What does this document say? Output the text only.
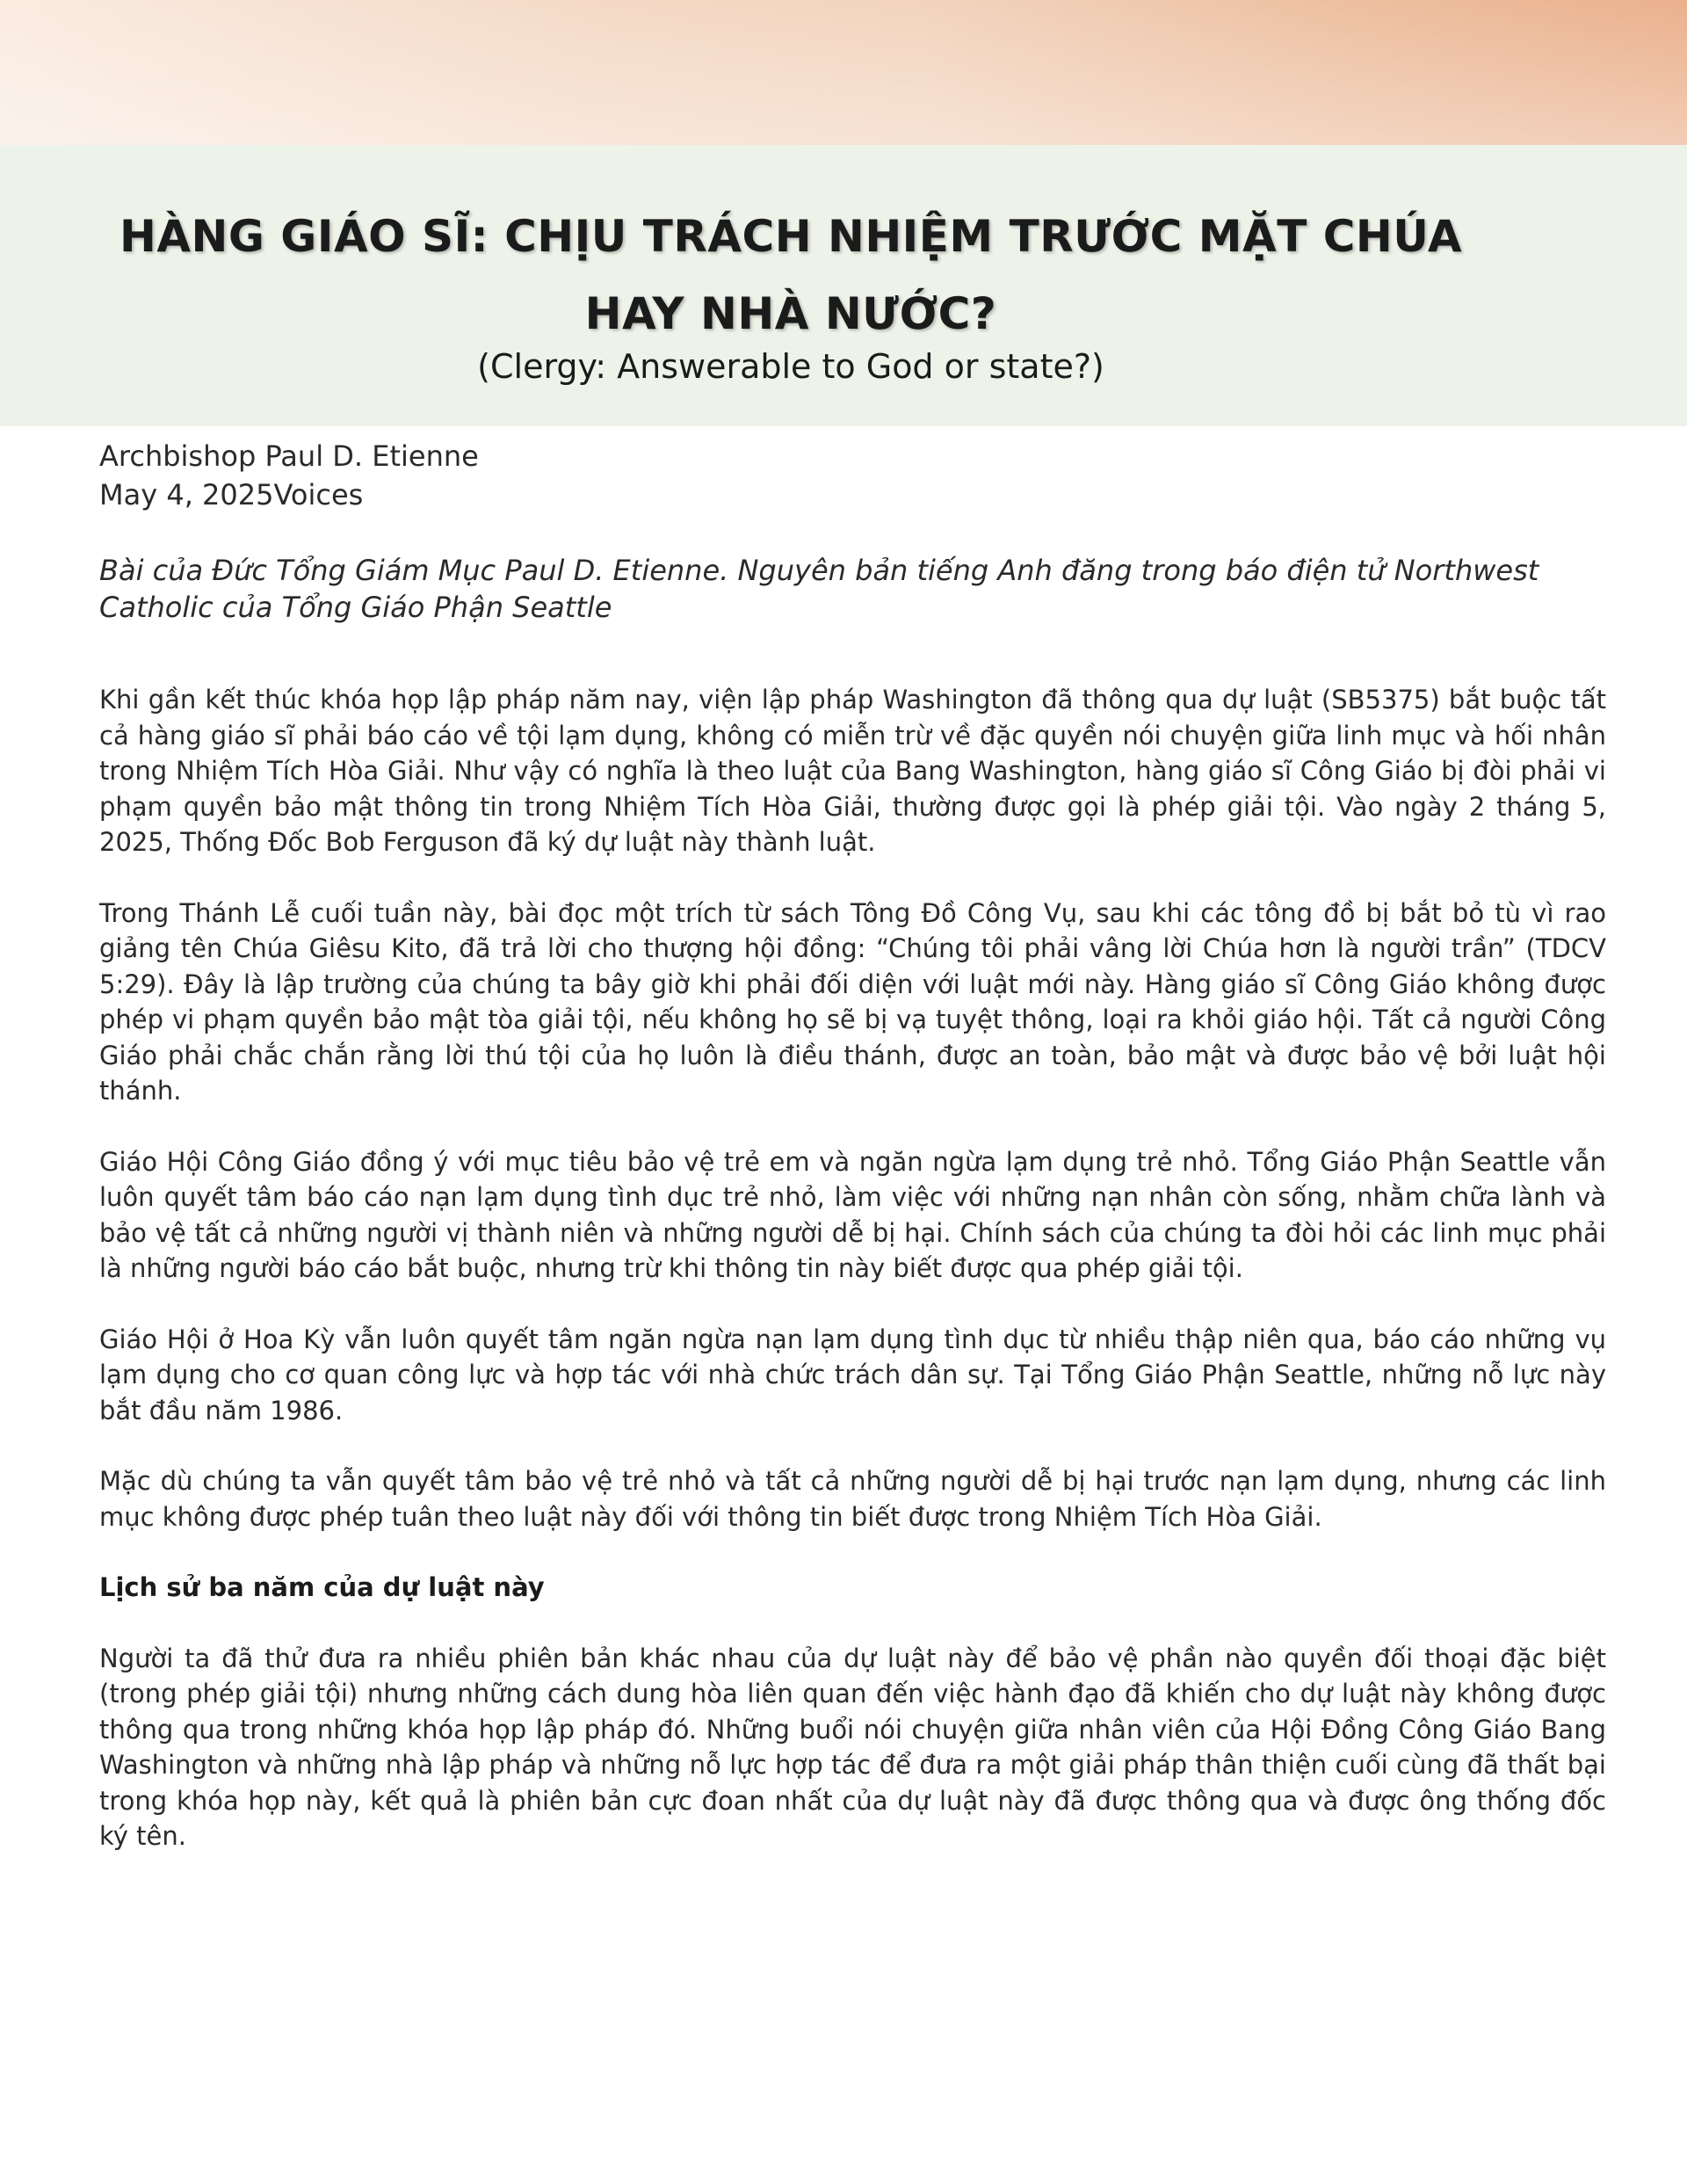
HÀNG GIÁO SĨ: CHỊU TRÁCH NHIỆM TRƯỚC MẶT CHÚA HAY NHÀ NƯỚC?
(Clergy: Answerable to God or state?)
Archbishop Paul D. Etienne
May 4, 2025Voices
Bài của Đức Tổng Giám Mục Paul D. Etienne. Nguyên bản tiếng Anh đăng trong báo điện tử Northwest Catholic của Tổng Giáo Phận Seattle

Khi gần kết thúc khóa họp lập pháp năm nay, viện lập pháp Washington đã thông qua dự luật (SB5375) bắt buộc tất cả hàng giáo sĩ phải báo cáo về tội lạm dụng, không có miễn trừ về đặc quyền nói chuyện giữa linh mục và hối nhân trong Nhiệm Tích Hòa Giải. Như vậy có nghĩa là theo luật của Bang Washington, hàng giáo sĩ Công Giáo bị đòi phải vi phạm quyền bảo mật thông tin trong Nhiệm Tích Hòa Giải, thường được gọi là phép giải tội. Vào ngày 2 tháng 5, 2025, Thống Đốc Bob Ferguson đã ký dự luật này thành luật.

Trong Thánh Lễ cuối tuần này, bài đọc một trích từ sách Tông Đồ Công Vụ, sau khi các tông đồ bị bắt bỏ tù vì rao giảng tên Chúa Giêsu Kito, đã trả lời cho thượng hội đồng: “Chúng tôi phải vâng lời Chúa hơn là người trần” (TDCV 5:29). Đây là lập trường của chúng ta bây giờ khi phải đối diện với luật mới này. Hàng giáo sĩ Công Giáo không được phép vi phạm quyền bảo mật tòa giải tội, nếu không họ sẽ bị vạ tuyệt thông, loại ra khỏi giáo hội. Tất cả người Công Giáo phải chắc chắn rằng lời thú tội của họ luôn là điều thánh, được an toàn, bảo mật và được bảo vệ bởi luật hội thánh.

Giáo Hội Công Giáo đồng ý với mục tiêu bảo vệ trẻ em và ngăn ngừa lạm dụng trẻ nhỏ. Tổng Giáo Phận Seattle vẫn luôn quyết tâm báo cáo nạn lạm dụng tình dục trẻ nhỏ, làm việc với những nạn nhân còn sống, nhằm chữa lành và bảo vệ tất cả những người vị thành niên và những người dễ bị hại. Chính sách của chúng ta đòi hỏi các linh mục phải là những người báo cáo bắt buộc, nhưng trừ khi thông tin này biết được qua phép giải tội.

Giáo Hội ở Hoa Kỳ vẫn luôn quyết tâm ngăn ngừa nạn lạm dụng tình dục từ nhiều thập niên qua, báo cáo những vụ lạm dụng cho cơ quan công lực và hợp tác với nhà chức trách dân sự. Tại Tổng Giáo Phận Seattle, những nỗ lực này bắt đầu năm 1986.

Mặc dù chúng ta vẫn quyết tâm bảo vệ trẻ nhỏ và tất cả những người dễ bị hại trước nạn lạm dụng, nhưng các linh mục không được phép tuân theo luật này đối với thông tin biết được trong Nhiệm Tích Hòa Giải.

Lịch sử ba năm của dự luật này

Người ta đã thử đưa ra nhiều phiên bản khác nhau của dự luật này để bảo vệ phần nào quyền đối thoại đặc biệt (trong phép giải tội) nhưng những cách dung hòa liên quan đến việc hành đạo đã khiến cho dự luật này không được thông qua trong những khóa họp lập pháp đó. Những buổi nói chuyện giữa nhân viên của Hội Đồng Công Giáo Bang Washington và những nhà lập pháp và những nỗ lực hợp tác để đưa ra một giải pháp thân thiện cuối cùng đã thất bại trong khóa họp này, kết quả là phiên bản cực đoan nhất của dự luật này đã được thông qua và được ông thống đốc ký tên.
